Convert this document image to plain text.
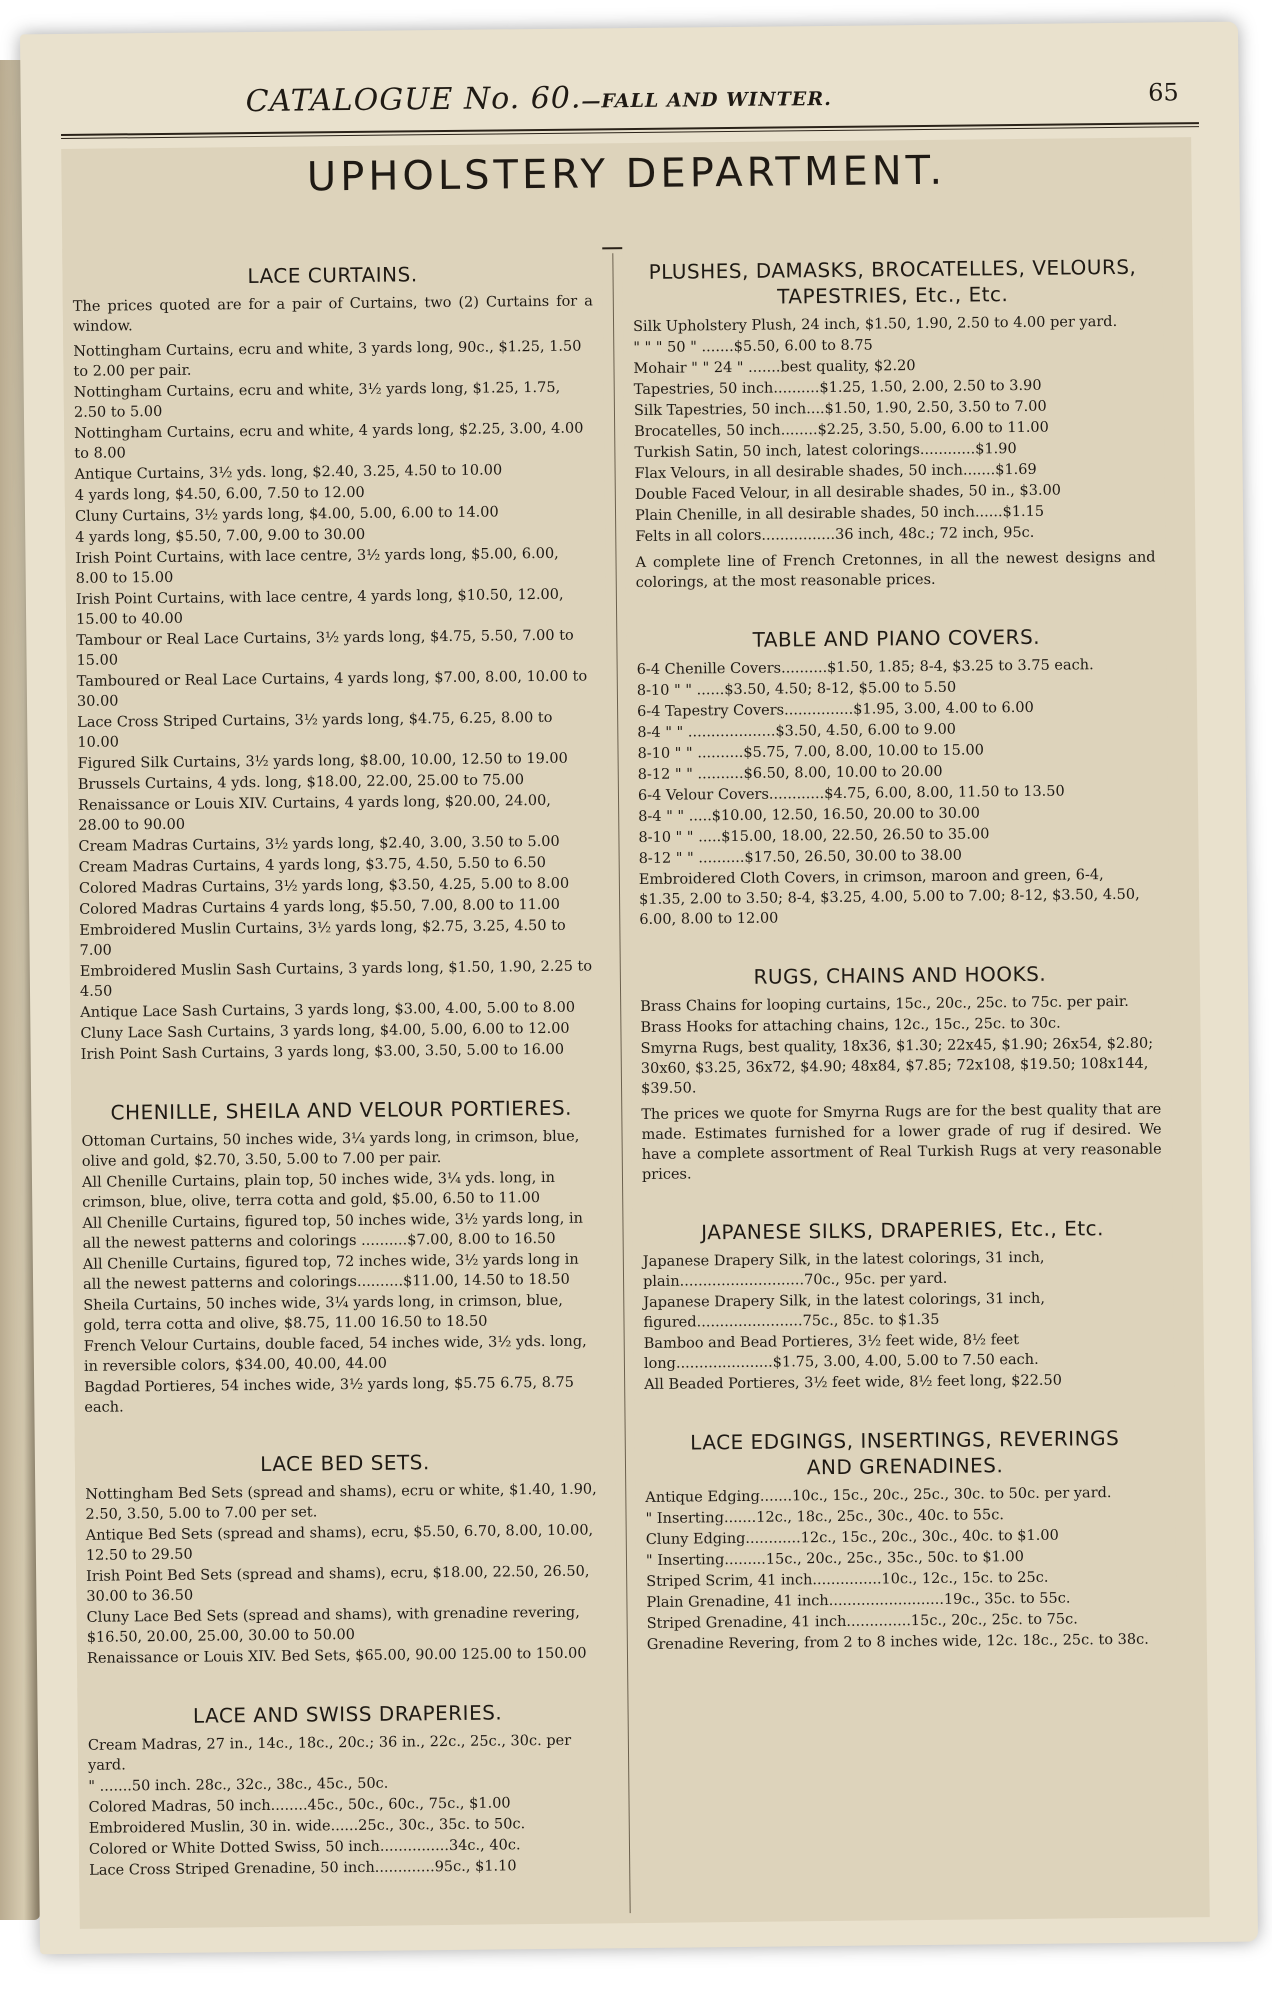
CATALOGUE No. 60.—FALL AND WINTER.	65
UPHOLSTERY DEPARTMENT.
LACE CURTAINS.
The prices quoted are for a pair of Curtains, two (2) Curtains for a window.
Nottingham Curtains, ecru and white, 3 yards long, 90c., $1.25, 1.50 to 2.00 per pair.
Nottingham Curtains, ecru and white, 3½ yards long, $1.25, 1.75, 2.50 to 5.00
Nottingham Curtains, ecru and white, 4 yards long, $2.25, 3.00, 4.00 to 8.00
Antique Curtains, 3½ yds. long, $2.40, 3.25, 4.50 to 10.00
4 yards long, $4.50, 6.00, 7.50 to 12.00
Cluny Curtains, 3½ yards long, $4.00, 5.00, 6.00 to 14.00
4 yards long, $5.50, 7.00, 9.00 to 30.00
Irish Point Curtains, with lace centre, 3½ yards long, $5.00, 6.00, 8.00 to 15.00
Irish Point Curtains, with lace centre, 4 yards long, $10.50, 12.00, 15.00 to 40.00
Tambour or Real Lace Curtains, 3½ yards long, $4.75, 5.50, 7.00 to 15.00
Tamboured or Real Lace Curtains, 4 yards long, $7.00, 8.00, 10.00 to 30.00
Lace Cross Striped Curtains, 3½ yards long, $4.75, 6.25, 8.00 to 10.00
Figured Silk Curtains, 3½ yards long, $8.00, 10.00, 12.50 to 19.00
Brussels Curtains, 4 yds. long, $18.00, 22.00, 25.00 to 75.00
Renaissance or Louis XIV. Curtains, 4 yards long, $20.00, 24.00, 28.00 to 90.00
Cream Madras Curtains, 3½ yards long, $2.40, 3.00, 3.50 to 5.00
Cream Madras Curtains, 4 yards long, $3.75, 4.50, 5.50 to 6.50
Colored Madras Curtains, 3½ yards long, $3.50, 4.25, 5.00 to 8.00
Colored Madras Curtains 4 yards long, $5.50, 7.00, 8.00 to 11.00
Embroidered Muslin Curtains, 3½ yards long, $2.75, 3.25, 4.50 to 7.00
Embroidered Muslin Sash Curtains, 3 yards long, $1.50, 1.90, 2.25 to 4.50
Antique Lace Sash Curtains, 3 yards long, $3.00, 4.00, 5.00 to 8.00
Cluny Lace Sash Curtains, 3 yards long, $4.00, 5.00, 6.00 to 12.00
Irish Point Sash Curtains, 3 yards long, $3.00, 3.50, 5.00 to 16.00
CHENILLE, SHEILA AND VELOUR PORTIERES.
Ottoman Curtains, 50 inches wide, 3¼ yards long, in crimson, blue, olive and gold, $2.70, 3.50, 5.00 to 7.00 per pair.
All Chenille Curtains, plain top, 50 inches wide, 3¼ yds. long, in crimson, blue, olive, terra cotta and gold, $5.00, 6.50 to 11.00
All Chenille Curtains, figured top, 50 inches wide, 3½ yards long, in all the newest patterns and colorings ..........$7.00, 8.00 to 16.50
All Chenille Curtains, figured top, 72 inches wide, 3½ yards long in all the newest patterns and colorings..........$11.00, 14.50 to 18.50
Sheila Curtains, 50 inches wide, 3¼ yards long, in crimson, blue, gold, terra cotta and olive, $8.75, 11.00 16.50 to 18.50
French Velour Curtains, double faced, 54 inches wide, 3½ yds. long, in reversible colors, $34.00, 40.00, 44.00
Bagdad Portieres, 54 inches wide, 3½ yards long, $5.75 6.75, 8.75 each.
LACE BED SETS.
Nottingham Bed Sets (spread and shams), ecru or white, $1.40, 1.90, 2.50, 3.50, 5.00 to 7.00 per set.
Antique Bed Sets (spread and shams), ecru, $5.50, 6.70, 8.00, 10.00, 12.50 to 29.50
Irish Point Bed Sets (spread and shams), ecru, $18.00, 22.50, 26.50, 30.00 to 36.50
Cluny Lace Bed Sets (spread and shams), with grenadine revering, $16.50, 20.00, 25.00, 30.00 to 50.00
Renaissance or Louis XIV. Bed Sets, $65.00, 90.00 125.00 to 150.00
LACE AND SWISS DRAPERIES.
Cream Madras, 27 in., 14c., 18c., 20c.; 36 in., 22c., 25c., 30c. per yard.
" .......50 inch. 28c., 32c., 38c., 45c., 50c.
Colored Madras, 50 inch........45c., 50c., 60c., 75c., $1.00
Embroidered Muslin, 30 in. wide......25c., 30c., 35c. to 50c.
Colored or White Dotted Swiss, 50 inch...............34c., 40c.
Lace Cross Striped Grenadine, 50 inch.............95c., $1.10
PLUSHES, DAMASKS, BROCATELLES, VELOURS,
TAPESTRIES, Etc., Etc.
Silk Upholstery Plush, 24 inch, $1.50, 1.90, 2.50 to 4.00 per yard.
" " " 50 " .......$5.50, 6.00 to 8.75
Mohair " " 24 " .......best quality, $2.20
Tapestries, 50 inch..........$1.25, 1.50, 2.00, 2.50 to 3.90
Silk Tapestries, 50 inch....$1.50, 1.90, 2.50, 3.50 to 7.00
Brocatelles, 50 inch........$2.25, 3.50, 5.00, 6.00 to 11.00
Turkish Satin, 50 inch, latest colorings............$1.90
Flax Velours, in all desirable shades, 50 inch.......$1.69
Double Faced Velour, in all desirable shades, 50 in., $3.00
Plain Chenille, in all desirable shades, 50 inch......$1.15
Felts in all colors................36 inch, 48c.; 72 inch, 95c.
A complete line of French Cretonnes, in all the newest designs and colorings, at the most reasonable prices.
TABLE AND PIANO COVERS.
6-4 Chenille Covers..........$1.50, 1.85; 8-4, $3.25 to 3.75 each.
8-10 " " ......$3.50, 4.50; 8-12, $5.00 to 5.50
6-4 Tapestry Covers...............$1.95, 3.00, 4.00 to 6.00
8-4 " " ...................$3.50, 4.50, 6.00 to 9.00
8-10 " " ..........$5.75, 7.00, 8.00, 10.00 to 15.00
8-12 " " ..........$6.50, 8.00, 10.00 to 20.00
6-4 Velour Covers............$4.75, 6.00, 8.00, 11.50 to 13.50
8-4 " " .....$10.00, 12.50, 16.50, 20.00 to 30.00
8-10 " " .....$15.00, 18.00, 22.50, 26.50 to 35.00
8-12 " " ..........$17.50, 26.50, 30.00 to 38.00
Embroidered Cloth Covers, in crimson, maroon and green, 6-4, $1.35, 2.00 to 3.50; 8-4, $3.25, 4.00, 5.00 to 7.00; 8-12, $3.50, 4.50, 6.00, 8.00 to 12.00
RUGS, CHAINS AND HOOKS.
Brass Chains for looping curtains, 15c., 20c., 25c. to 75c. per pair.
Brass Hooks for attaching chains, 12c., 15c., 25c. to 30c.
Smyrna Rugs, best quality, 18x36, $1.30; 22x45, $1.90; 26x54, $2.80; 30x60, $3.25, 36x72, $4.90; 48x84, $7.85; 72x108, $19.50; 108x144, $39.50.
The prices we quote for Smyrna Rugs are for the best quality that are made. Estimates furnished for a lower grade of rug if desired. We have a complete assortment of Real Turkish Rugs at very reasonable prices.
JAPANESE SILKS, DRAPERIES, Etc., Etc.
Japanese Drapery Silk, in the latest colorings, 31 inch, plain...........................70c., 95c. per yard.
Japanese Drapery Silk, in the latest colorings, 31 inch, figured.......................75c., 85c. to $1.35
Bamboo and Bead Portieres, 3½ feet wide, 8½ feet long.....................$1.75, 3.00, 4.00, 5.00 to 7.50 each.
All Beaded Portieres, 3½ feet wide, 8½ feet long, $22.50
LACE EDGINGS, INSERTINGS, REVERINGS
AND GRENADINES.
Antique Edging.......10c., 15c., 20c., 25c., 30c. to 50c. per yard.
" Inserting.......12c., 18c., 25c., 30c., 40c. to 55c.
Cluny Edging............12c., 15c., 20c., 30c., 40c. to $1.00
" Inserting.........15c., 20c., 25c., 35c., 50c. to $1.00
Striped Scrim, 41 inch...............10c., 12c., 15c. to 25c.
Plain Grenadine, 41 inch.........................19c., 35c. to 55c.
Striped Grenadine, 41 inch..............15c., 20c., 25c. to 75c.
Grenadine Revering, from 2 to 8 inches wide, 12c. 18c., 25c. to 38c.
